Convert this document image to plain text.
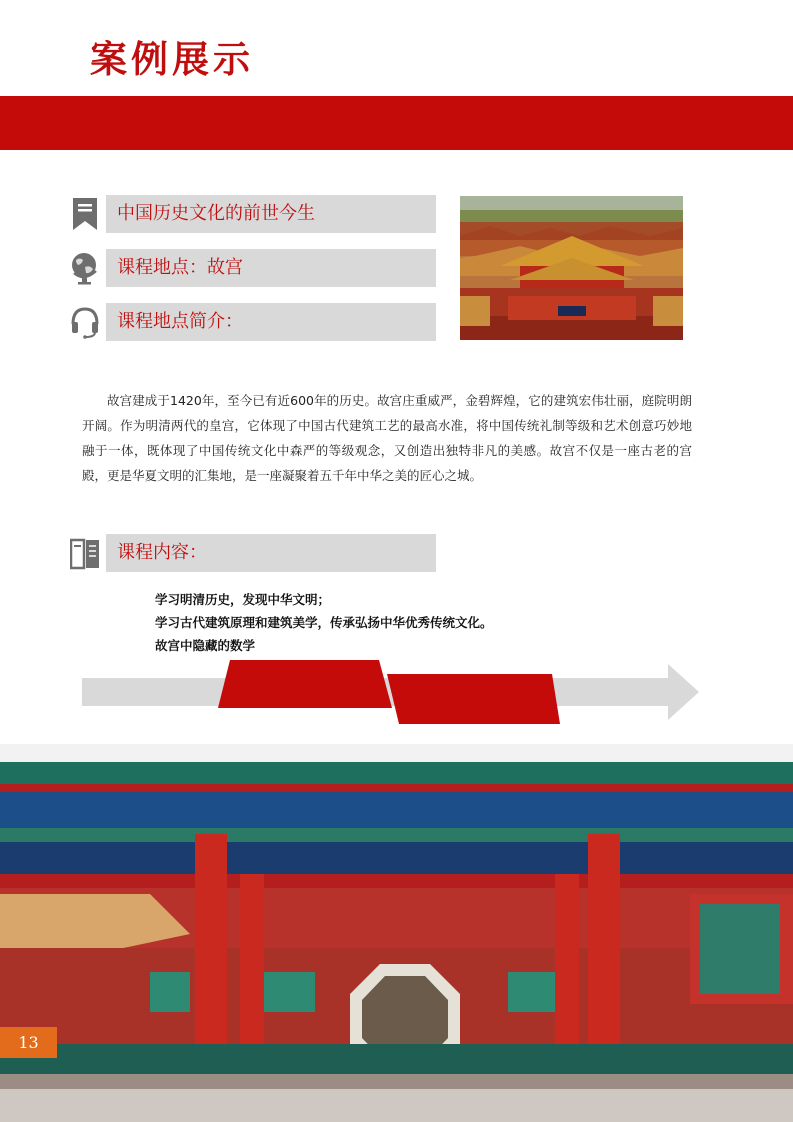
案例展示
中国历史文化的前世今生
课程地点：故宫
课程地点简介：

故宫建成于1420年，至今已有近600年的历史。故宫庄重威严，金碧辉煌，它的建筑宏伟壮丽，庭院明朗开阔。作为明清两代的皇宫，它体现了中国古代建筑工艺的最高水准，将中国传统礼制等级和艺术创意巧妙地融于一体，既体现了中国传统文化中森严的等级观念，又创造出独特非凡的美感。故宫不仅是一座古老的宫殿，更是华夏文明的汇集地，是一座凝聚着五千年中华之美的匠心之城。

课程内容：
学习明清历史，发现中华文明；
学习古代建筑原理和建筑美学，传承弘扬中华优秀传统文化。
故宫中隐藏的数学
13
